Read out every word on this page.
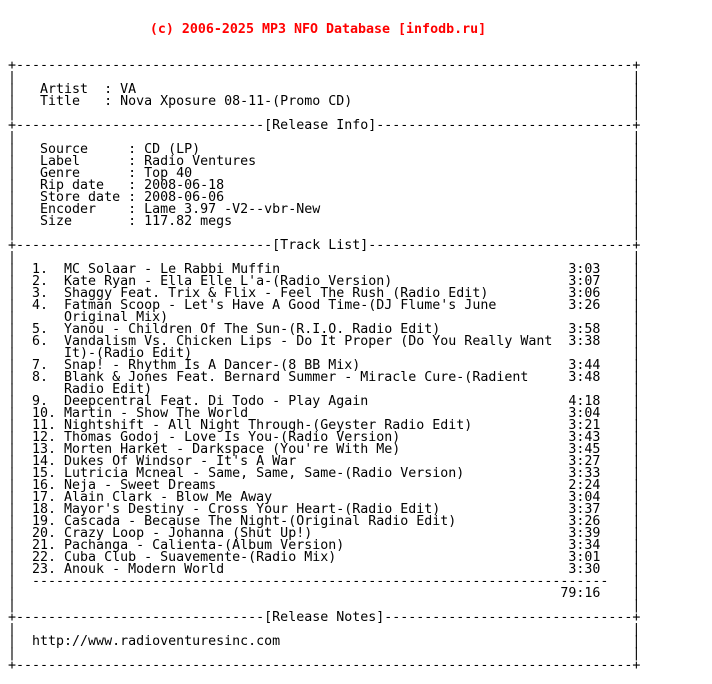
(c) 2006-2025 MP3 NFO Database [infodb.ru]

+-----------------------------------------------------------------------------+
|                                                                             |
|   Artist  : VA                                                              |
|   Title   : Nova Xposure 08-11-(Promo CD)                                   |
|                                                                             |
+-------------------------------[Release Info]--------------------------------+
|                                                                             |
|   Source     : CD (LP)                                                      |
|   Label      : Radio Ventures                                               |
|   Genre      : Top 40                                                       |
|   Rip date   : 2008-06-18                                                   |
|   Store date : 2008-06-06                                                   |
|   Encoder    : Lame 3.97 -V2--vbr-New                                       |
|   Size       : 117.82 megs                                                  |
|                                                                             |
+--------------------------------[Track List]---------------------------------+
|                                                                             |
|  1.  MC Solaar - Le Rabbi Muffin                                    3:03    |
|  2.  Kate Ryan - Ella Elle L'a-(Radio Version)                      3:07    |
|  3.  Shaggy Feat. Trix & Flix - Feel The Rush (Radio Edit)          3:06    |
|  4.  Fatman Scoop - Let's Have A Good Time-(DJ Flume's June         3:26    |
|      Original Mix)                                                          |
|  5.  Yanou - Children Of The Sun-(R.I.O. Radio Edit)                3:58    |
|  6.  Vandalism Vs. Chicken Lips - Do It Proper (Do You Really Want  3:38    |
|      It)-(Radio Edit)                                                       |
|  7.  Snap! - Rhythm Is A Dancer-(8 BB Mix)                          3:44    |
|  8.  Blank & Jones Feat. Bernard Summer - Miracle Cure-(Radient     3:48    |
|      Radio Edit)                                                            |
|  9.  Deepcentral Feat. Di Todo - Play Again                         4:18    |
|  10. Martin - Show The World                                        3:04    |
|  11. Nightshift - All Night Through-(Geyster Radio Edit)            3:21    |
|  12. Thomas Godoj - Love Is You-(Radio Version)                     3:43    |
|  13. Morten Harket - Darkspace (You're With Me)                     3:45    |
|  14. Dukes Of Windsor - It's A War                                  3:27    |
|  15. Lutricia Mcneal - Same, Same, Same-(Radio Version)             3:33    |
|  16. Neja - Sweet Dreams                                            2:24    |
|  17. Alain Clark - Blow Me Away                                     3:04    |
|  18. Mayor's Destiny - Cross Your Heart-(Radio Edit)                3:37    |
|  19. Cascada - Because The Night-(Original Radio Edit)              3:26    |
|  20. Crazy Loop - Johanna (Shut Up!)                                3:39    |
|  21. Pachanga - Calienta-(Album Version)                            3:34    |
|  22. Cuba Club - Suavemente-(Radio Mix)                             3:01    |
|  23. Anouk - Modern World                                           3:30    |
|  ------------------------------------------------------------------------   |
|                                                                    79:16    |
|                                                                             |
+-------------------------------[Release Notes]-------------------------------+
|                                                                             |
|  http://www.radioventuresinc.com                                            |
|                                                                             |
+-----------------------------------------------------------------------------+
